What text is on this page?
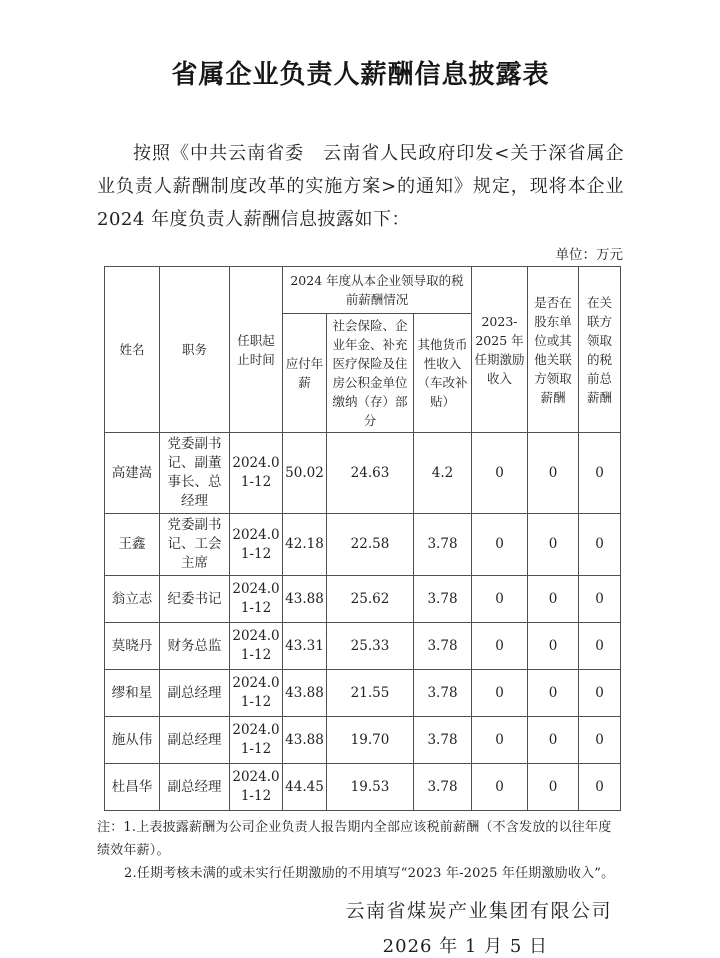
省属企业负责人薪酬信息披露表

按照《中共云南省委　云南省人民政府印发<关于深省属企业负责人薪酬制度改革的实施方案>的通知》规定，现将本企业 2024 年度负责人薪酬信息披露如下：

单位：万元
姓名	职务	任职起止时间	2024 年度从本企业领导取的税前薪酬情况			2023-2025 年任期激励收入	是否在股东单位或其他关联方领取薪酬	在关联方领取的税前总薪酬
			应付年薪	社会保险、企业年金、补充医疗保险及住房公积金单位缴纳（存）部分	其他货币性收入（车改补贴）			
高建嵩	党委副书记、副董事长、总经理	2024.01-12	50.02	24.63	4.2	0	0	0
王鑫	党委副书记、工会主席	2024.01-12	42.18	22.58	3.78	0	0	0
翁立志	纪委书记	2024.01-12	43.88	25.62	3.78	0	0	0
莫晓丹	财务总监	2024.01-12	43.31	25.33	3.78	0	0	0
缪和星	副总经理	2024.01-12	43.88	21.55	3.78	0	0	0
施从伟	副总经理	2024.01-12	43.88	19.70	3.78	0	0	0
杜昌华	副总经理	2024.01-12	44.45	19.53	3.78	0	0	0
注：1.上表披露薪酬为公司企业负责人报告期内全部应该税前薪酬（不含发放的以往年度绩效年薪）。
2.任期考核未满的或未实行任期激励的不用填写“2023 年-2025 年任期激励收入”。
云南省煤炭产业集团有限公司
2026 年 1 月 5 日
